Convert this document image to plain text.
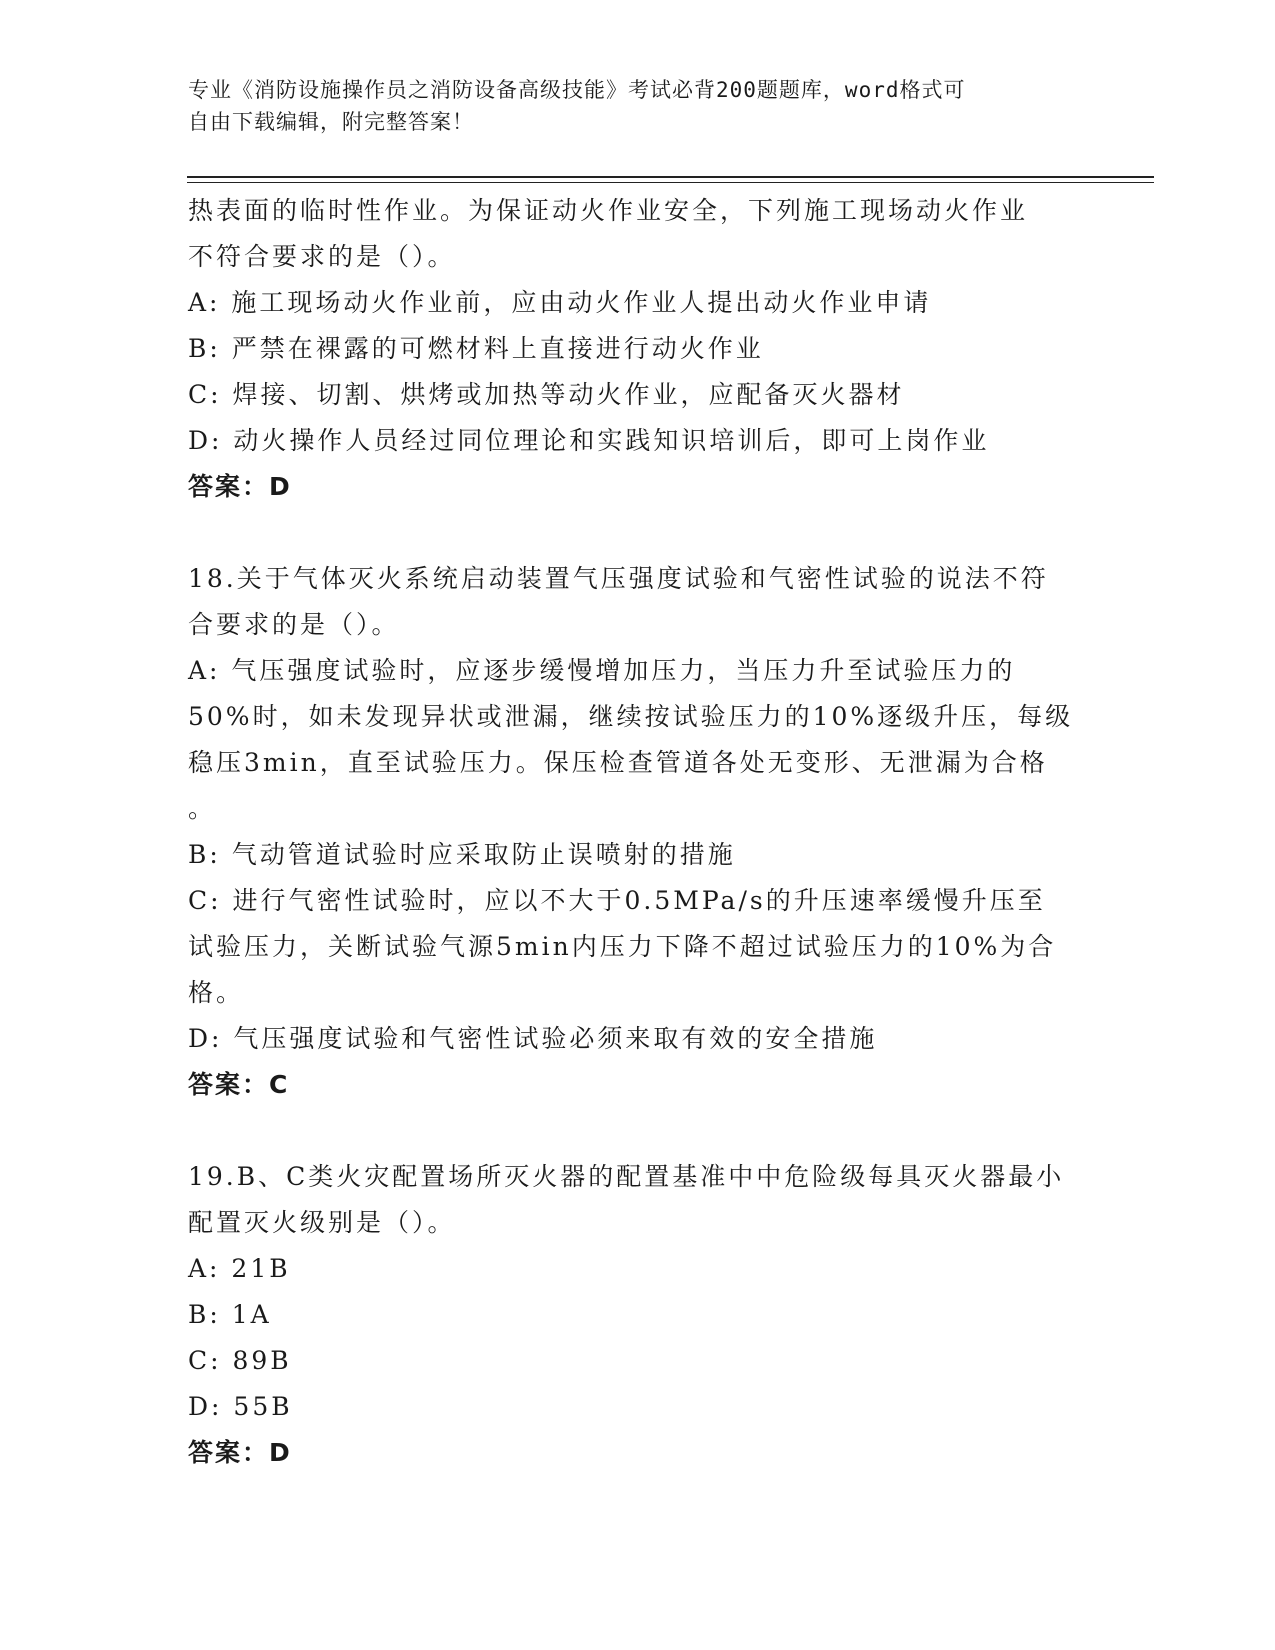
专业《消防设施操作员之消防设备高级技能》考试必背200题题库，word格式可
自由下载编辑，附完整答案！
热表面的临时性作业。为保证动火作业安全，下列施工现场动火作业
不符合要求的是（）。
A: 施工现场动火作业前，应由动火作业人提出动火作业申请
B: 严禁在裸露的可燃材料上直接进行动火作业
C: 焊接、切割、烘烤或加热等动火作业，应配备灭火器材
D: 动火操作人员经过同位理论和实践知识培训后，即可上岗作业
答案：D
18.关于气体灭火系统启动装置气压强度试验和气密性试验的说法不符
合要求的是（）。
A: 气压强度试验时，应逐步缓慢增加压力，当压力升至试验压力的
50%时，如未发现异状或泄漏，继续按试验压力的10%逐级升压，每级
稳压3min，直至试验压力。保压检查管道各处无变形、无泄漏为合格
。
B: 气动管道试验时应采取防止误喷射的措施
C: 进行气密性试验时，应以不大于0.5MPa/s的升压速率缓慢升压至
试验压力，关断试验气源5min内压力下降不超过试验压力的10%为合
格。
D: 气压强度试验和气密性试验必须来取有效的安全措施
答案：C
19.B、C类火灾配置场所灭火器的配置基准中中危险级每具灭火器最小
配置灭火级别是（）。
A: 21B
B: 1A
C: 89B
D: 55B
答案：D
